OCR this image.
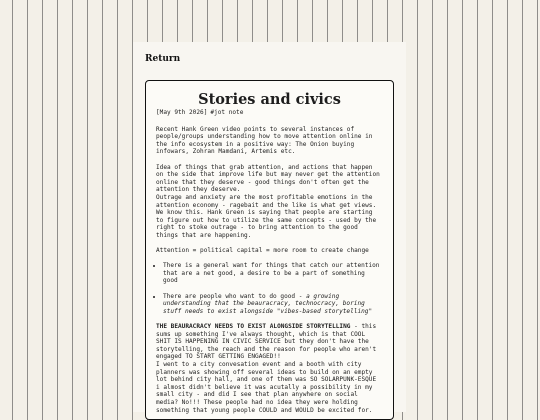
Return
Stories and civics
[May 9th 2026] #jot note

Recent Hank Green video points to several instances of people/groups understanding how to move attention online in the info ecosystem in a positive way: The Onion buying infowars, Zohran Mamdani, Artemis etc.

Idea of things that grab attention, and actions that happen on the side that improve life but may never get the attention online that they deserve - good things don't often get the attention they deserve.

Outrage and anxiety are the most profitable emotions in the attention economy - ragebait and the like is what get views. We know this. Hank Green is saying that people are starting to figure out how to utilize the same concepts - used by the right to stoke outrage - to bring attention to the good things that are happening.

Attention = political capital = more room to create change

• There is a general want for things that catch our attention that are a net good, a desire to be a part of something good
• There are people who want to do good - a growing understanding that the beauracracy, technocracy, boring stuff needs to exist alongside "vibes-based storytelling"

THE BEAURACRACY NEEDS TO EXIST ALONGSIDE STORYTELLING - this sums up something I've always thought, which is that COOL SHIT IS HAPPENING IN CIVIC SERVICE but they don't have the storytelling, the reach and the reason for people who aren't engaged TO START GETTING ENGAGED!!

I went to a city convesation event and a booth with city planners was showing off several ideas to build on an empty lot behind city hall, and one of them was SO SOLARPUNK-ESQUE i almost didn't believe it was acutally a possibility in my small city - and did I see that plan anywhere on social media? No!!! These people had no idea they were holding something that young people COULD and WOULD be excited for.
